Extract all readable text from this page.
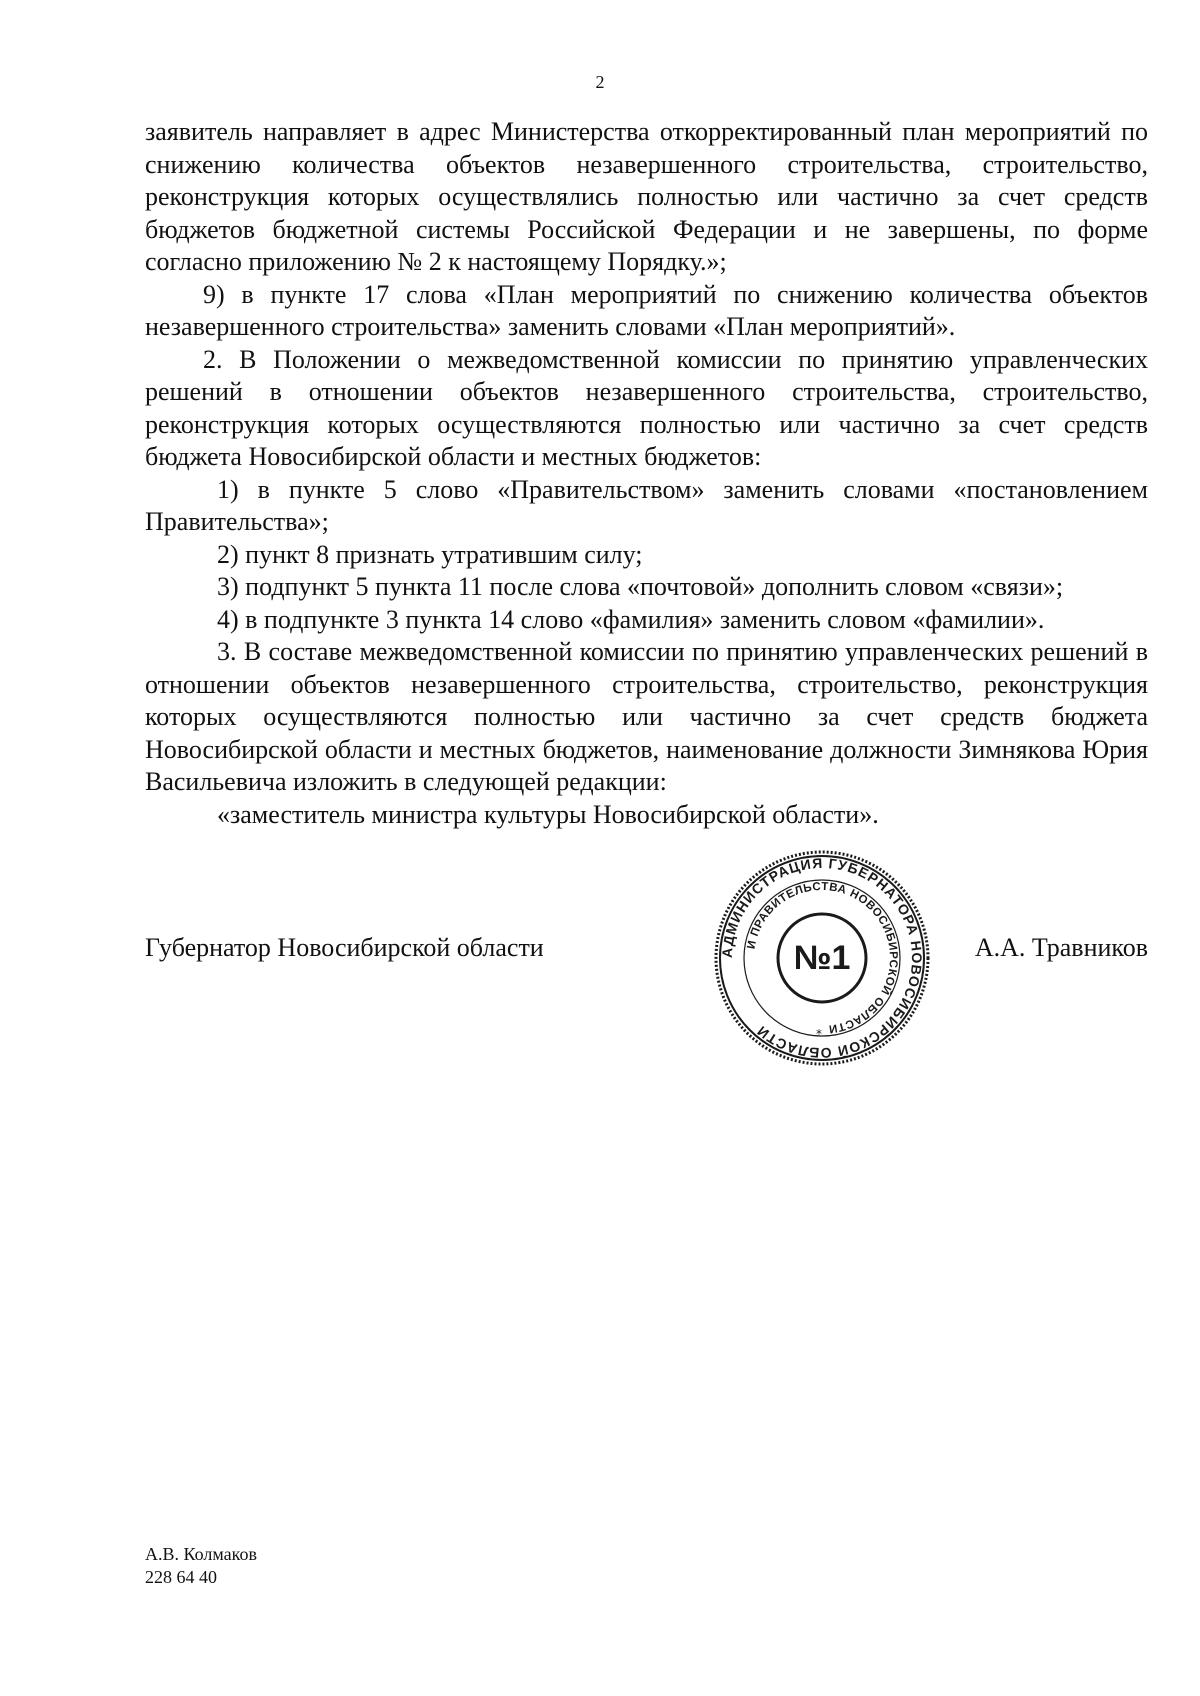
2

заявитель направляет в адрес Министерства откорректированный план мероприятий по снижению количества объектов незавершенного строительства, строительство, реконструкция которых осуществлялись полностью или частично за счет средств бюджетов бюджетной системы Российской Федерации и не завершены, по форме согласно приложению № 2 к настоящему Порядку.»;

9) в пункте 17 слова «План мероприятий по снижению количества объектов незавершенного строительства» заменить словами «План мероприятий».

2. В Положении о межведомственной комиссии по принятию управленческих решений в отношении объектов незавершенного строительства, строительство, реконструкция которых осуществляются полностью или частично за счет средств бюджета Новосибирской области и местных бюджетов:

1) в пункте 5 слово «Правительством» заменить словами «постановлением Правительства»;

2) пункт 8 признать утратившим силу;

3) подпункт 5 пункта 11 после слова «почтовой» дополнить словом «связи»;

4) в подпункте 3 пункта 14 слово «фамилия» заменить словом «фамилии».

3. В составе межведомственной комиссии по принятию управленческих решений в отношении объектов незавершенного строительства, строительство, реконструкция которых осуществляются полностью или частично за счет средств бюджета Новосибирской области и местных бюджетов, наименование должности Зимнякова Юрия Васильевича изложить в следующей редакции:

«заместитель министра культуры Новосибирской области».

Губернатор Новосибирской области	А.А. Травников
АДМИНИСТРАЦИЯ ГУБЕРНАТОРА НОВОСИБИРСКОЙ ОБЛАСТИ
И ПРАВИТЕЛЬСТВА НОВОСИБИРСКОЙ ОБЛАСТИ
*
№1
А.В. Колмаков
228 64 40
